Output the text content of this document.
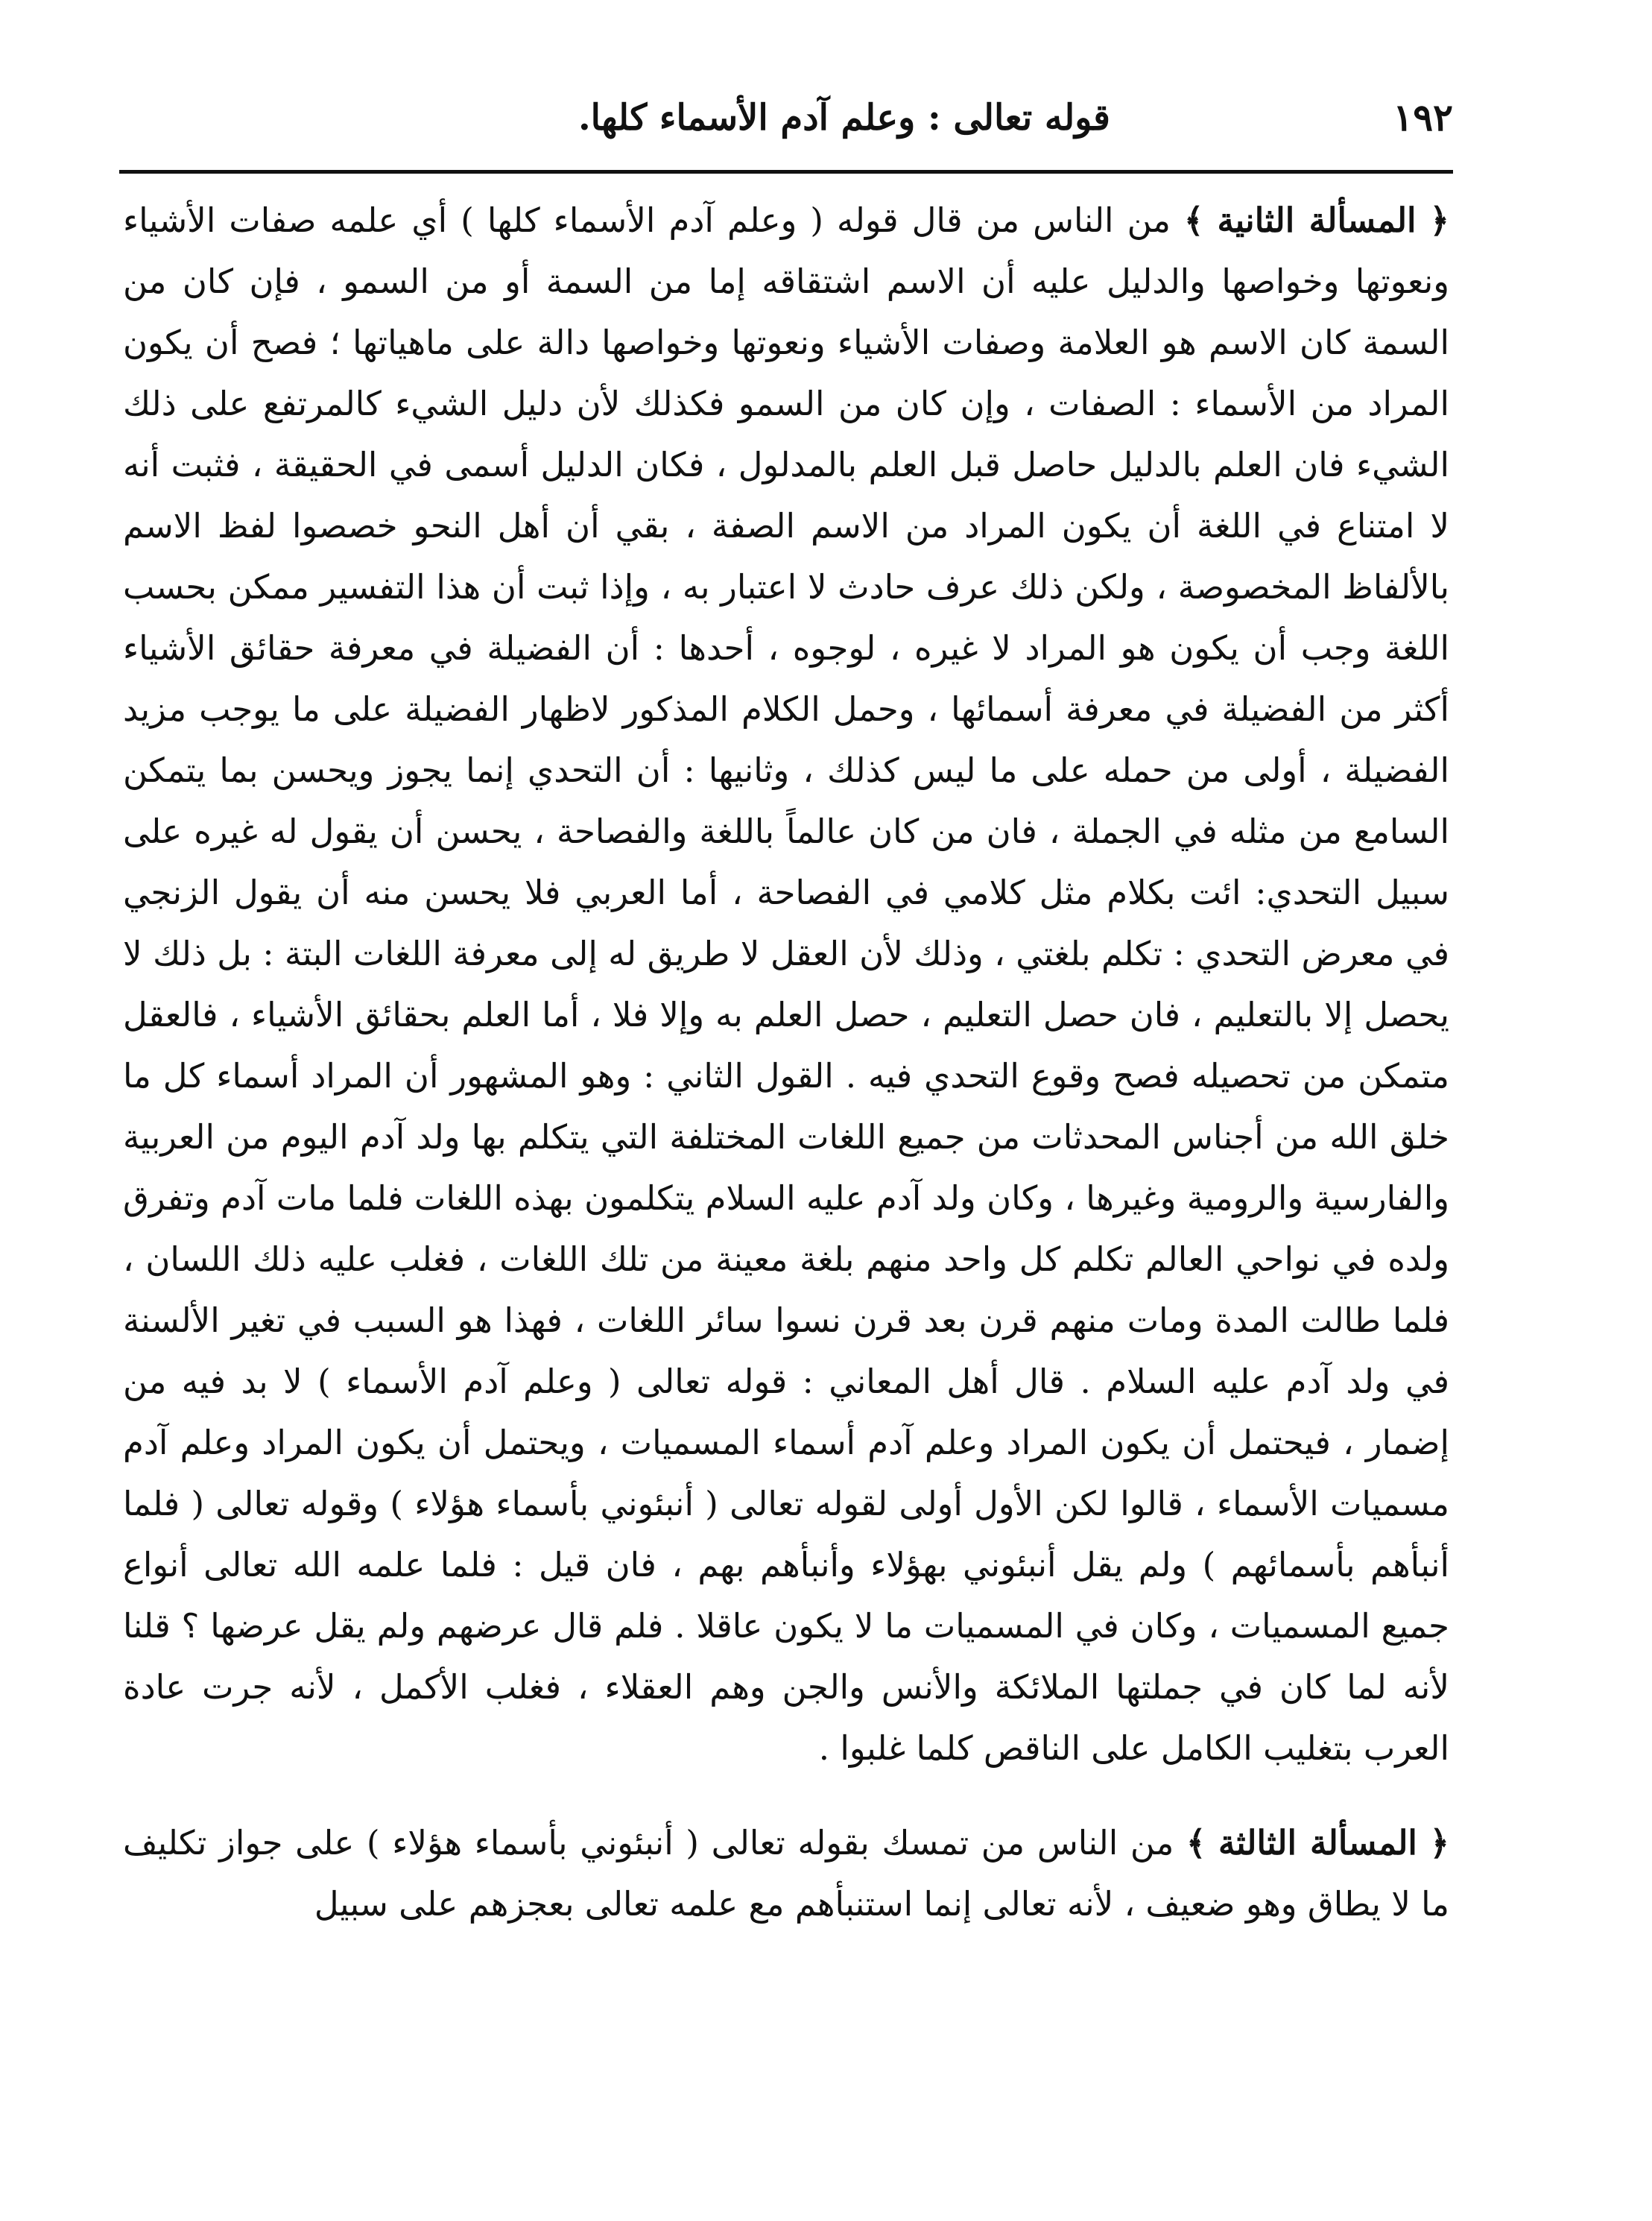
١٩٢
قوله تعالى : وعلم آدم الأسماء كلها.

﴿ المسألة الثانية ﴾ من الناس من قال قوله ( وعلم آدم الأسماء كلها ) أي علمه صفات الأشياء ونعوتها وخواصها والدليل عليه أن الاسم اشتقاقه إما من السمة أو من السمو ، فإن كان من السمة كان الاسم هو العلامة وصفات الأشياء ونعوتها وخواصها دالة على ماهياتها ؛ فصح أن يكون المراد من الأسماء : الصفات ، وإن كان من السمو فكذلك لأن دليل الشيء كالمرتفع على ذلك الشيء فان العلم بالدليل حاصل قبل العلم بالمدلول ، فكان الدليل أسمى في الحقيقة ، فثبت أنه لا امتناع في اللغة أن يكون المراد من الاسم الصفة ، بقي أن أهل النحو خصصوا لفظ الاسم بالألفاظ المخصوصة ، ولكن ذلك عرف حادث لا اعتبار به ، وإذا ثبت أن هذا التفسير ممكن بحسب اللغة وجب أن يكون هو المراد لا غيره ، لوجوه ، أحدها : أن الفضيلة في معرفة حقائق الأشياء أكثر من الفضيلة في معرفة أسمائها ، وحمل الكلام المذكور لاظهار الفضيلة على ما يوجب مزيد الفضيلة ، أولى من حمله على ما ليس كذلك ، وثانيها : أن التحدي إنما يجوز ويحسن بما يتمكن السامع من مثله في الجملة ، فان من كان عالماً باللغة والفصاحة ، يحسن أن يقول له غيره على سبيل التحدي: ائت بكلام مثل كلامي في الفصاحة ، أما العربي فلا يحسن منه أن يقول الزنجي في معرض التحدي : تكلم بلغتي ، وذلك لأن العقل لا طريق له إلى معرفة اللغات البتة : بل ذلك لا يحصل إلا بالتعليم ، فان حصل التعليم ، حصل العلم به وإلا فلا ، أما العلم بحقائق الأشياء ، فالعقل متمكن من تحصيله فصح وقوع التحدي فيه . القول الثاني : وهو المشهور أن المراد أسماء كل ما خلق الله من أجناس المحدثات من جميع اللغات المختلفة التي يتكلم بها ولد آدم اليوم من العربية والفارسية والرومية وغيرها ، وكان ولد آدم عليه السلام يتكلمون بهذه اللغات فلما مات آدم وتفرق ولده في نواحي العالم تكلم كل واحد منهم بلغة معينة من تلك اللغات ، فغلب عليه ذلك اللسان ، فلما طالت المدة ومات منهم قرن بعد قرن نسوا سائر اللغات ، فهذا هو السبب في تغير الألسنة في ولد آدم عليه السلام . قال أهل المعاني : قوله تعالى ( وعلم آدم الأسماء ) لا بد فيه من إضمار ، فيحتمل أن يكون المراد وعلم آدم أسماء المسميات ، ويحتمل أن يكون المراد وعلم آدم مسميات الأسماء ، قالوا لكن الأول أولى لقوله تعالى ( أنبئوني بأسماء هؤلاء ) وقوله تعالى ( فلما أنبأهم بأسمائهم ) ولم يقل أنبئوني بهؤلاء وأنبأهم بهم ، فان قيل : فلما علمه الله تعالى أنواع جميع المسميات ، وكان في المسميات ما لا يكون عاقلا . فلم قال عرضهم ولم يقل عرضها ؟ قلنا لأنه لما كان في جملتها الملائكة والأنس والجن وهم العقلاء ، فغلب الأكمل ، لأنه جرت عادة العرب بتغليب الكامل على الناقص كلما غلبوا .

﴿ المسألة الثالثة ﴾ من الناس من تمسك بقوله تعالى ( أنبئوني بأسماء هؤلاء ) على جواز تكليف ما لا يطاق وهو ضعيف ، لأنه تعالى إنما استنبأهم مع علمه تعالى بعجزهم على سبيل
